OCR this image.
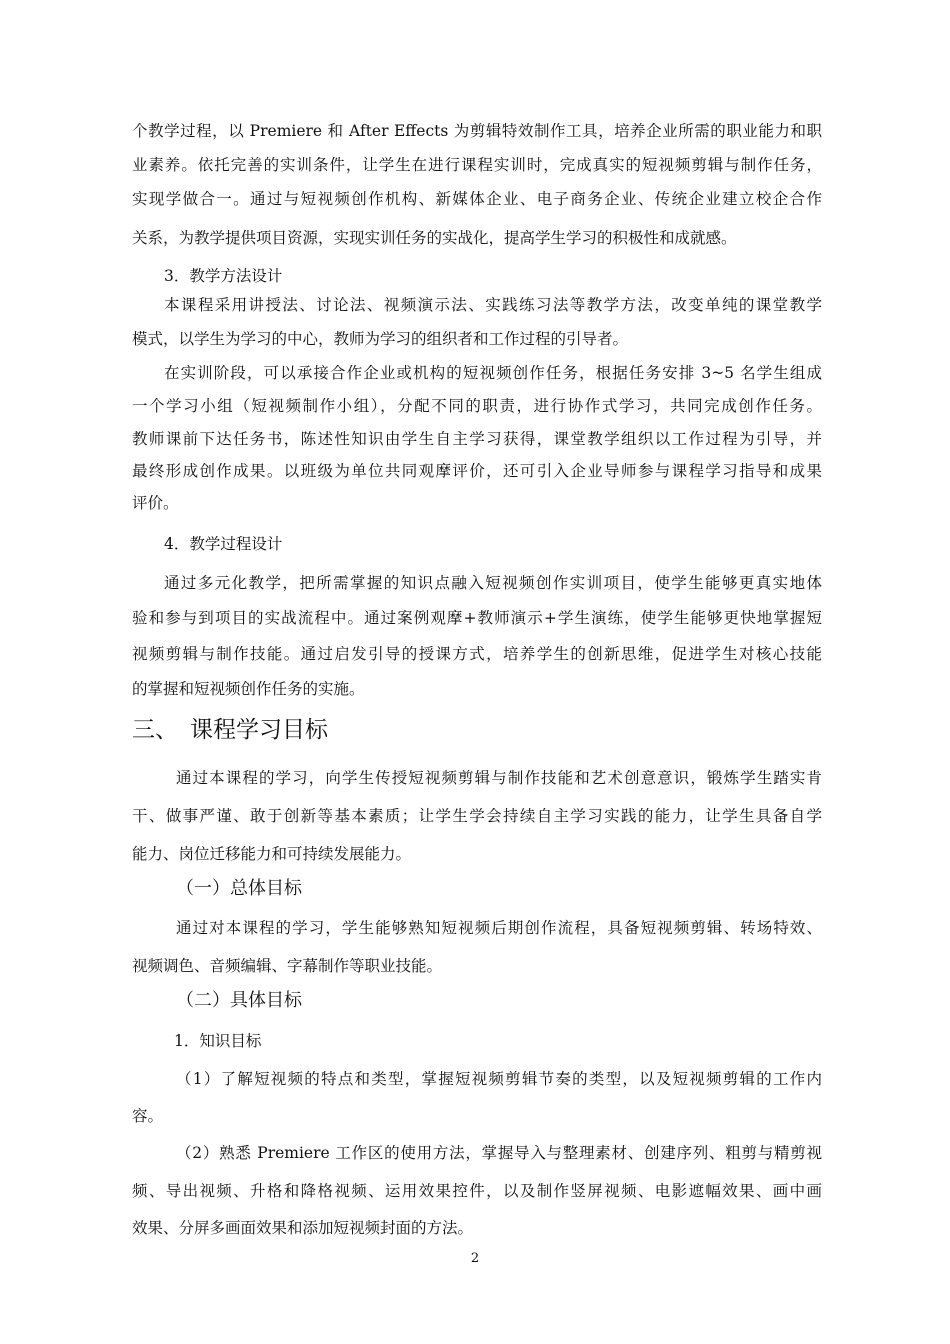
个教学过程，以 Premiere 和 After Effects 为剪辑特效制作工具，培养企业所需的职业能力和职
业素养。依托完善的实训条件，让学生在进行课程实训时，完成真实的短视频剪辑与制作任务，
实现学做合一。通过与短视频创作机构、新媒体企业、电子商务企业、传统企业建立校企合作
关系，为教学提供项目资源，实现实训任务的实战化，提高学生学习的积极性和成就感。
3．教学方法设计
本课程采用讲授法、讨论法、视频演示法、实践练习法等教学方法，改变单纯的课堂教学
模式，以学生为学习的中心，教师为学习的组织者和工作过程的引导者。
在实训阶段，可以承接合作企业或机构的短视频创作任务，根据任务安排 3~5 名学生组成
一个学习小组（短视频制作小组），分配不同的职责，进行协作式学习，共同完成创作任务。
教师课前下达任务书，陈述性知识由学生自主学习获得，课堂教学组织以工作过程为引导，并
最终形成创作成果。以班级为单位共同观摩评价，还可引入企业导师参与课程学习指导和成果
评价。
4．教学过程设计
通过多元化教学，把所需掌握的知识点融入短视频创作实训项目，使学生能够更真实地体
验和参与到项目的实战流程中。通过案例观摩+教师演示+学生演练，使学生能够更快地掌握短
视频剪辑与制作技能。通过启发引导的授课方式，培养学生的创新思维，促进学生对核心技能
的掌握和短视频创作任务的实施。
三、 课程学习目标
通过本课程的学习，向学生传授短视频剪辑与制作技能和艺术创意意识，锻炼学生踏实肯
干、做事严谨、敢于创新等基本素质；让学生学会持续自主学习实践的能力，让学生具备自学
能力、岗位迁移能力和可持续发展能力。
（一）总体目标
通过对本课程的学习，学生能够熟知短视频后期创作流程，具备短视频剪辑、转场特效、
视频调色、音频编辑、字幕制作等职业技能。
（二）具体目标
1．知识目标
（1）了解短视频的特点和类型，掌握短视频剪辑节奏的类型，以及短视频剪辑的工作内
容。
（2）熟悉 Premiere 工作区的使用方法，掌握导入与整理素材、创建序列、粗剪与精剪视
频、导出视频、升格和降格视频、运用效果控件，以及制作竖屏视频、电影遮幅效果、画中画
效果、分屏多画面效果和添加短视频封面的方法。
2
